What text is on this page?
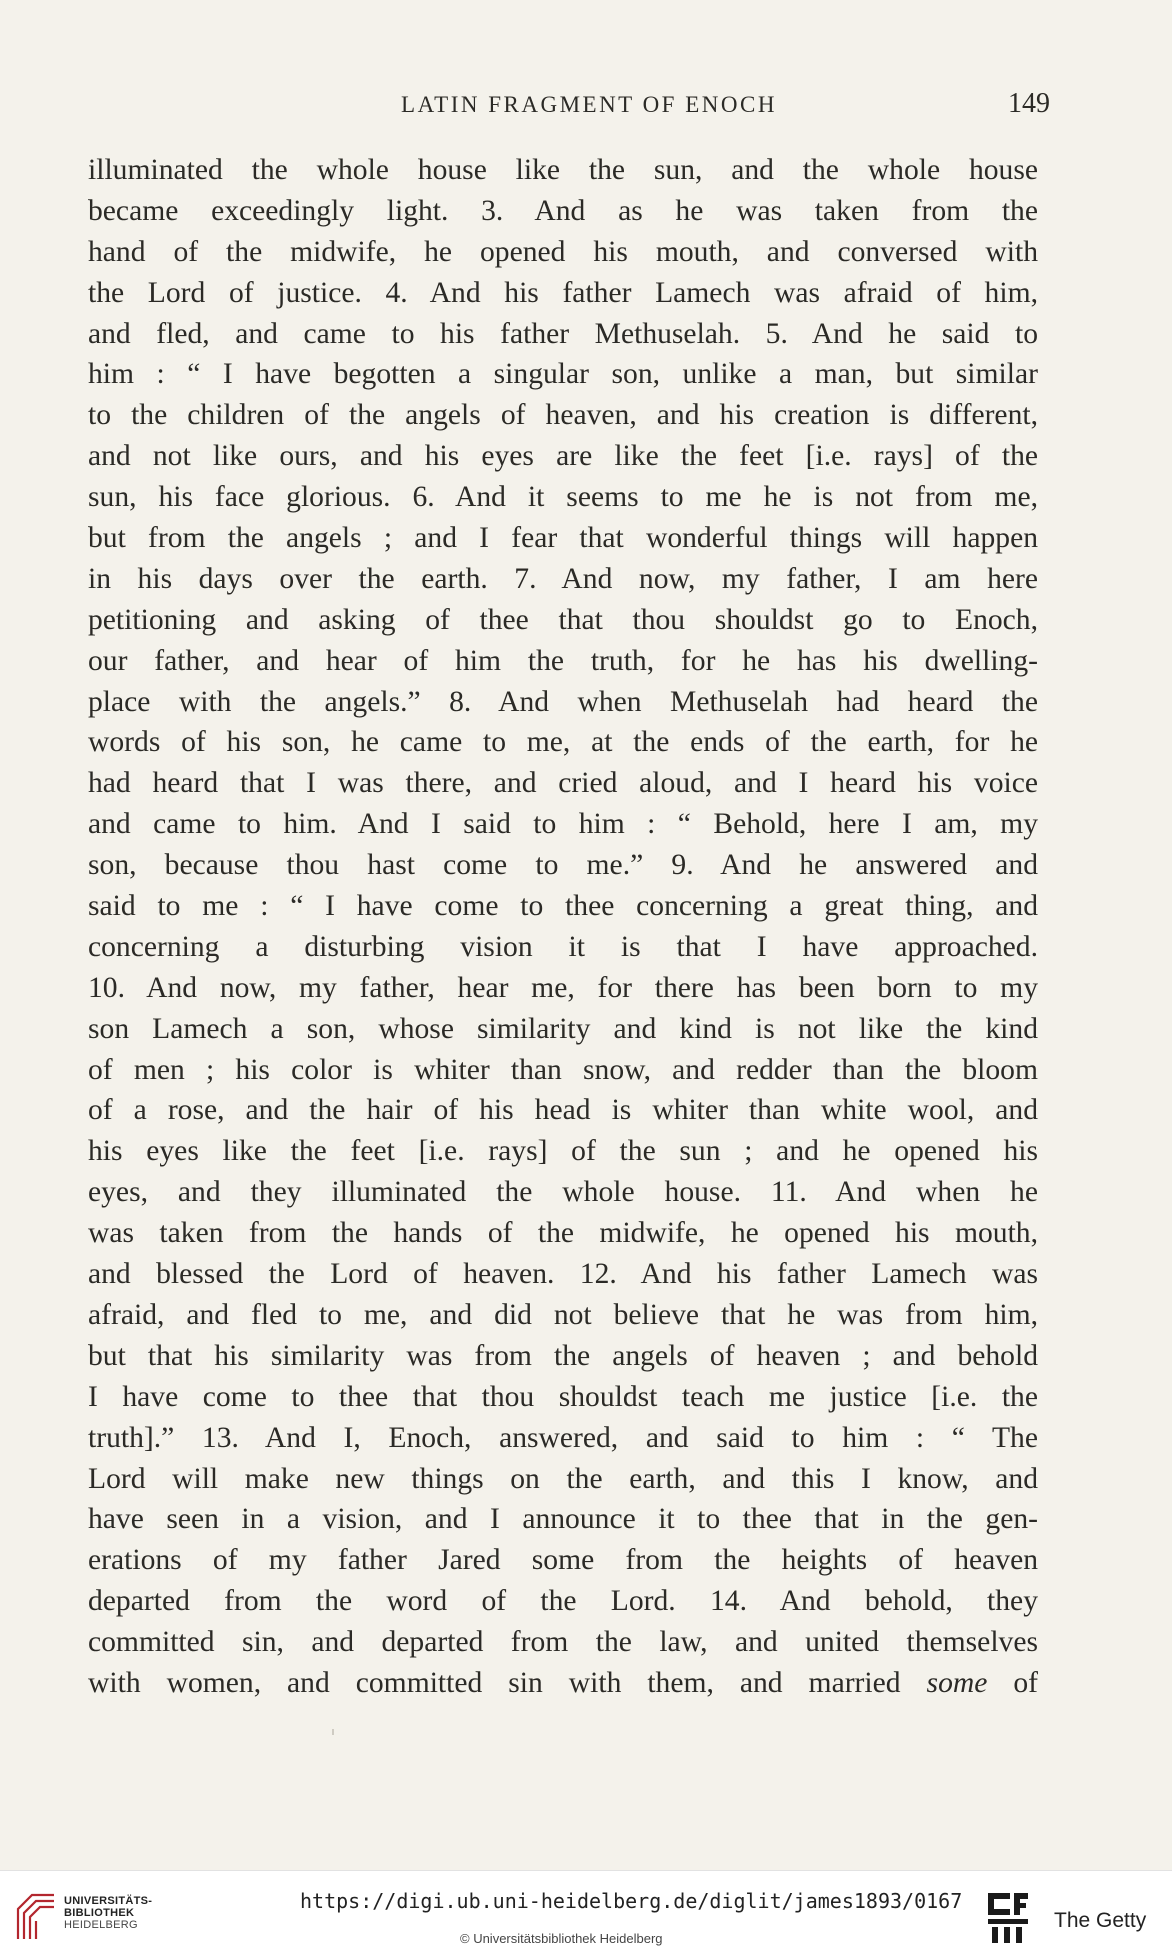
LATIN FRAGMENT OF ENOCH	149
illuminated the whole house like the sun, and the whole house
became exceedingly light. 3. And as he was taken from the
hand of the midwife, he opened his mouth, and conversed with
the Lord of justice. 4. And his father Lamech was afraid of him,
and fled, and came to his father Methuselah. 5. And he said to
him : “ I have begotten a singular son, unlike a man, but similar
to the children of the angels of heaven, and his creation is different,
and not like ours, and his eyes are like the feet [i.e. rays] of the
sun, his face glorious. 6. And it seems to me he is not from me,
but from the angels ; and I fear that wonderful things will happen
in his days over the earth. 7. And now, my father, I am here
petitioning and asking of thee that thou shouldst go to Enoch,
our father, and hear of him the truth, for he has his dwelling-
place with the angels.” 8. And when Methuselah had heard the
words of his son, he came to me, at the ends of the earth, for he
had heard that I was there, and cried aloud, and I heard his voice
and came to him. And I said to him : “ Behold, here I am, my
son, because thou hast come to me.” 9. And he answered and
said to me : “ I have come to thee concerning a great thing, and
concerning a disturbing vision it is that I have approached.
10. And now, my father, hear me, for there has been born to my
son Lamech a son, whose similarity and kind is not like the kind
of men ; his color is whiter than snow, and redder than the bloom
of a rose, and the hair of his head is whiter than white wool, and
his eyes like the feet [i.e. rays] of the sun ; and he opened his
eyes, and they illuminated the whole house. 11. And when he
was taken from the hands of the midwife, he opened his mouth,
and blessed the Lord of heaven. 12. And his father Lamech was
afraid, and fled to me, and did not believe that he was from him,
but that his similarity was from the angels of heaven ; and behold
I have come to thee that thou shouldst teach me justice [i.e. the
truth].” 13. And I, Enoch, answered, and said to him : “ The
Lord will make new things on the earth, and this I know, and
have seen in a vision, and I announce it to thee that in the gen-
erations of my father Jared some from the heights of heaven
departed from the word of the Lord. 14. And behold, they
committed sin, and departed from the law, and united themselves
with women, and committed sin with them, and married some of
UNIVERSITÄTS-
BIBLIOTHEK
HEIDELBERG
https://digi.ub.uni-heidelberg.de/diglit/james1893/0167
© Universitätsbibliothek Heidelberg
The Getty
